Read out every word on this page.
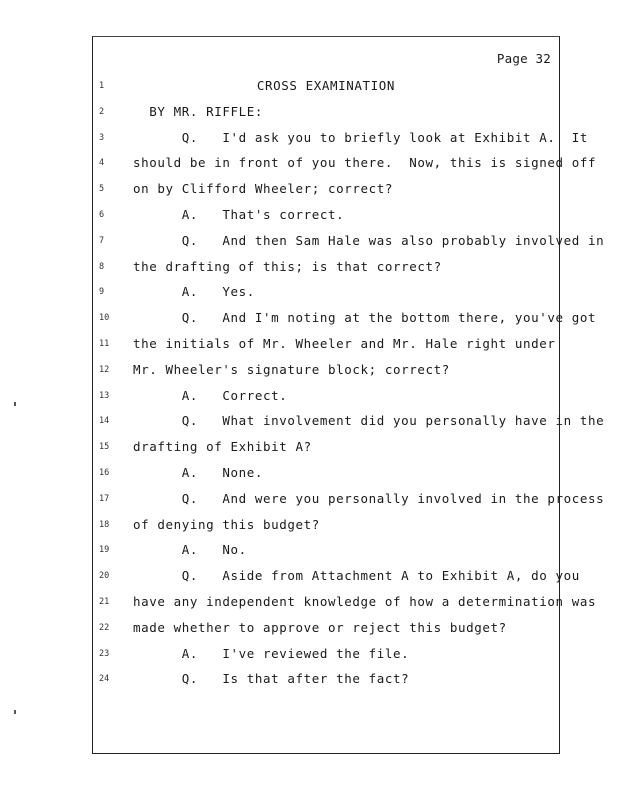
Page 32
1	CROSS EXAMINATION
2	BY MR. RIFFLE:
3	Q.   I'd ask you to briefly look at Exhibit A.  It
4	should be in front of you there.  Now, this is signed off
5	on by Clifford Wheeler; correct?
6	A.   That's correct.
7	Q.   And then Sam Hale was also probably involved in
8	the drafting of this; is that correct?
9	A.   Yes.
10	Q.   And I'm noting at the bottom there, you've got
11	the initials of Mr. Wheeler and Mr. Hale right under
12	Mr. Wheeler's signature block; correct?
13	A.   Correct.
14	Q.   What involvement did you personally have in the
15	drafting of Exhibit A?
16	A.   None.
17	Q.   And were you personally involved in the process
18	of denying this budget?
19	A.   No.
20	Q.   Aside from Attachment A to Exhibit A, do you
21	have any independent knowledge of how a determination was
22	made whether to approve or reject this budget?
23	A.   I've reviewed the file.
24	Q.   Is that after the fact?
